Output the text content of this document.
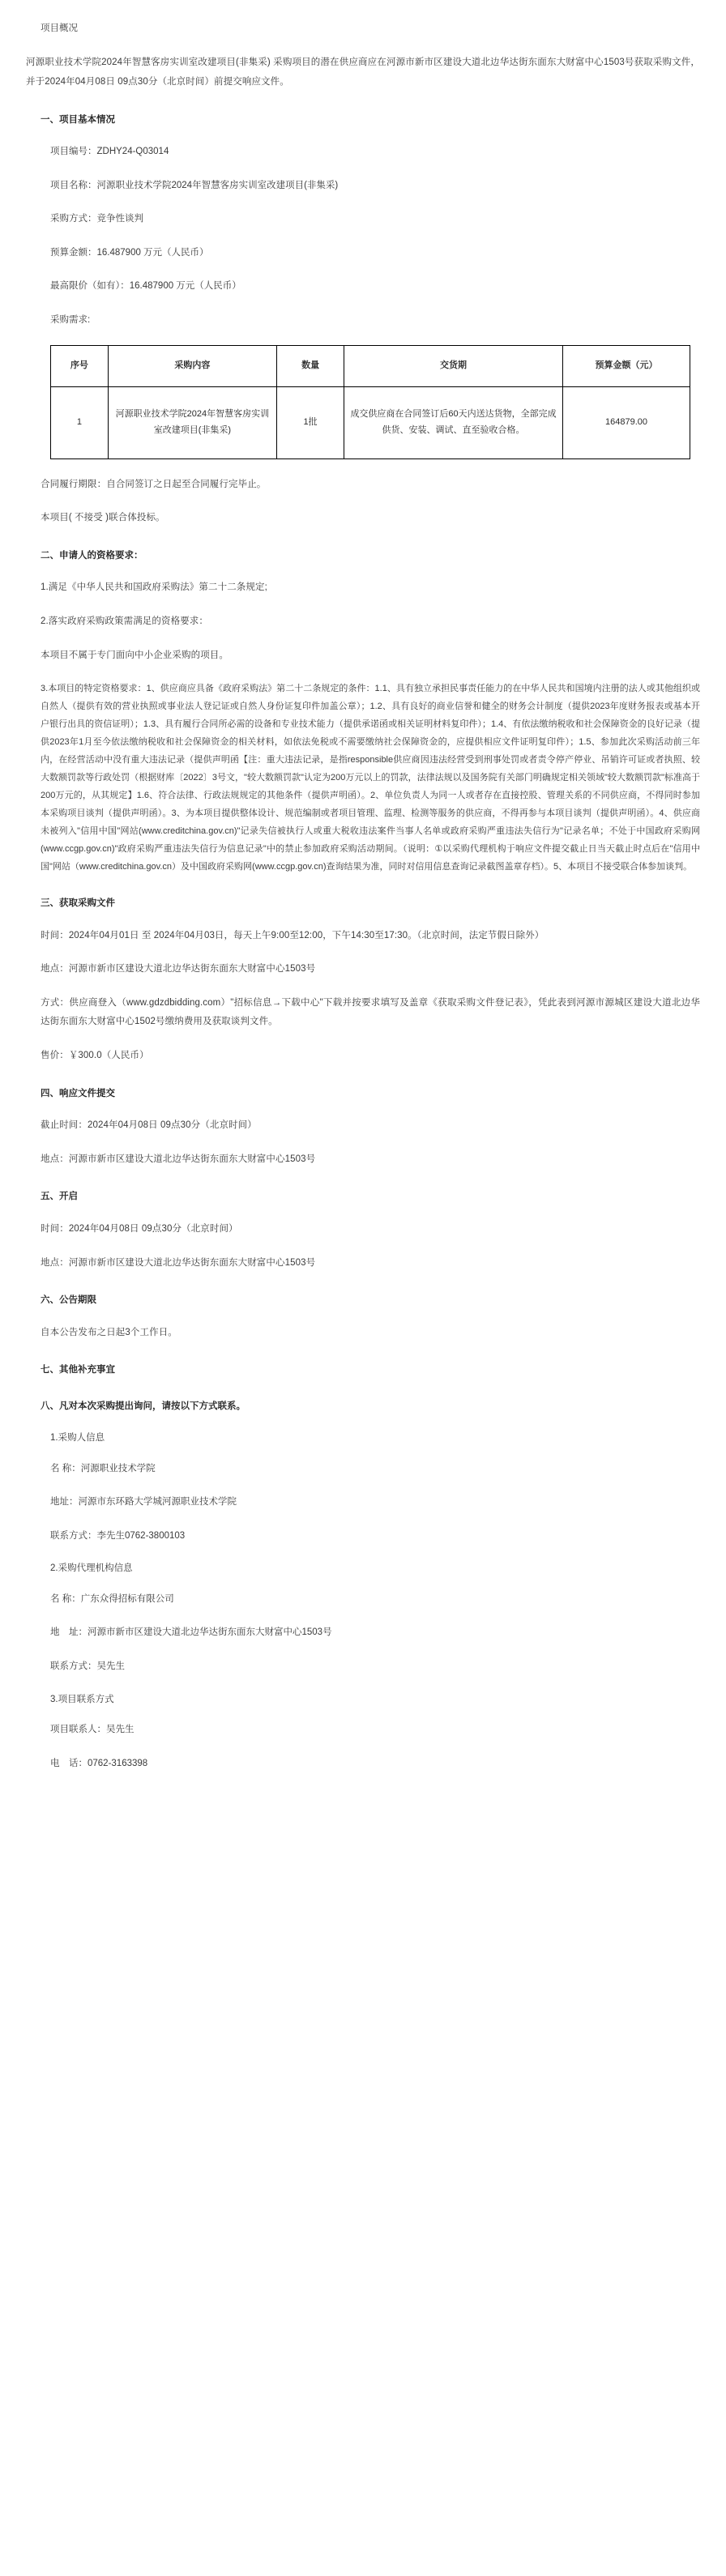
项目概况

河源职业技术学院2024年智慧客房实训室改建项目(非集采) 采购项目的潜在供应商应在河源市新市区建设大道北边华达街东面东大财富中心1503号获取采购文件，并于2024年04月08日 09点30分（北京时间）前提交响应文件。

一、项目基本情况
项目编号：ZDHY24-Q03014
项目名称：河源职业技术学院2024年智慧客房实训室改建项目(非集采)
采购方式：竞争性谈判
预算金额：16.487900 万元（人民币）
最高限价（如有）：16.487900 万元（人民币）
采购需求:
序号	采购内容	数量	交货期	预算金额（元）
1	河源职业技术学院2024年智慧客房实训室改建项目(非集采)	1批	成交供应商在合同签订后60天内送达货物，全部完成供货、安装、调试、直至验收合格。	164879.00

合同履行期限：自合同签订之日起至合同履行完毕止。

本项目( 不接受 )联合体投标。

二、申请人的资格要求：

1.满足《中华人民共和国政府采购法》第二十二条规定;

2.落实政府采购政策需满足的资格要求：

本项目不属于专门面向中小企业采购的项目。

3.本项目的特定资格要求：1、供应商应具备《政府采购法》第二十二条规定的条件：1.1、具有独立承担民事责任能力的在中华人民共和国境内注册的法人或其他组织或自然人（提供有效的营业执照或事业法人登记证或自然人身份证复印件加盖公章）；1.2、具有良好的商业信誉和健全的财务会计制度（提供2023年度财务报表或基本开户银行出具的资信证明）；1.3、具有履行合同所必需的设备和专业技术能力（提供承诺函或相关证明材料复印件）；1.4、有依法缴纳税收和社会保障资金的良好记录（提供2023年1月至今依法缴纳税收和社会保障资金的相关材料，如依法免税或不需要缴纳社会保障资金的，应提供相应文件证明复印件）；1.5、参加此次采购活动前三年内，在经营活动中没有重大违法记录（提供声明函【注：重大违法记录，是指responsible供应商因违法经营受到刑事处罚或者责令停产停业、吊销许可证或者执照、较大数额罚款等行政处罚（根据财库〔2022〕3号文，"较大数额罚款"认定为200万元以上的罚款，法律法规以及国务院有关部门明确规定相关领域"较大数额罚款"标准高于200万元的，从其规定】1.6、符合法律、行政法规规定的其他条件（提供声明函）。2、单位负责人为同一人或者存在直接控股、管理关系的不同供应商，不得同时参加本采购项目谈判（提供声明函）。3、为本项目提供整体设计、规范编制或者项目管理、监理、检测等服务的供应商，不得再参与本项目谈判（提供声明函）。4、供应商未被列入"信用中国"网站(www.creditchina.gov.cn)"记录失信被执行人或重大税收违法案件当事人名单或政府采购严重违法失信行为"记录名单；不处于中国政府采购网(www.ccgp.gov.cn)"政府采购严重违法失信行为信息记录"中的禁止参加政府采购活动期间。（说明：①以采购代理机构于响应文件提交截止日当天截止时点后在"信用中国"网站（www.creditchina.gov.cn）及中国政府采购网(www.ccgp.gov.cn)查询结果为准，同时对信用信息查询记录截图盖章存档）。5、本项目不接受联合体参加谈判。

三、获取采购文件

时间：2024年04月01日 至 2024年04月03日，每天上午9:00至12:00，下午14:30至17:30。（北京时间，法定节假日除外）

地点：河源市新市区建设大道北边华达街东面东大财富中心1503号

方式：供应商登入（www.gdzdbidding.com）"招标信息→下载中心"下载并按要求填写及盖章《获取采购文件登记表》，凭此表到河源市源城区建设大道北边华达街东面东大财富中心1502号缴纳费用及获取谈判文件。

售价：￥300.0（人民币）

四、响应文件提交

截止时间：2024年04月08日 09点30分（北京时间）

地点：河源市新市区建设大道北边华达街东面东大财富中心1503号

五、开启

时间：2024年04月08日 09点30分（北京时间）

地点：河源市新市区建设大道北边华达街东面东大财富中心1503号

六、公告期限

自本公告发布之日起3个工作日。

七、其他补充事宜
八、凡对本次采购提出询问，请按以下方式联系。
1.采购人信息
名 称：河源职业技术学院
地址：河源市东环路大学城河源职业技术学院
联系方式：李先生0762-3800103
2.采购代理机构信息
名 称：广东众得招标有限公司
地　址：河源市新市区建设大道北边华达街东面东大财富中心1503号
联系方式：吴先生
3.项目联系方式
项目联系人：吴先生
电　话：0762-3163398
